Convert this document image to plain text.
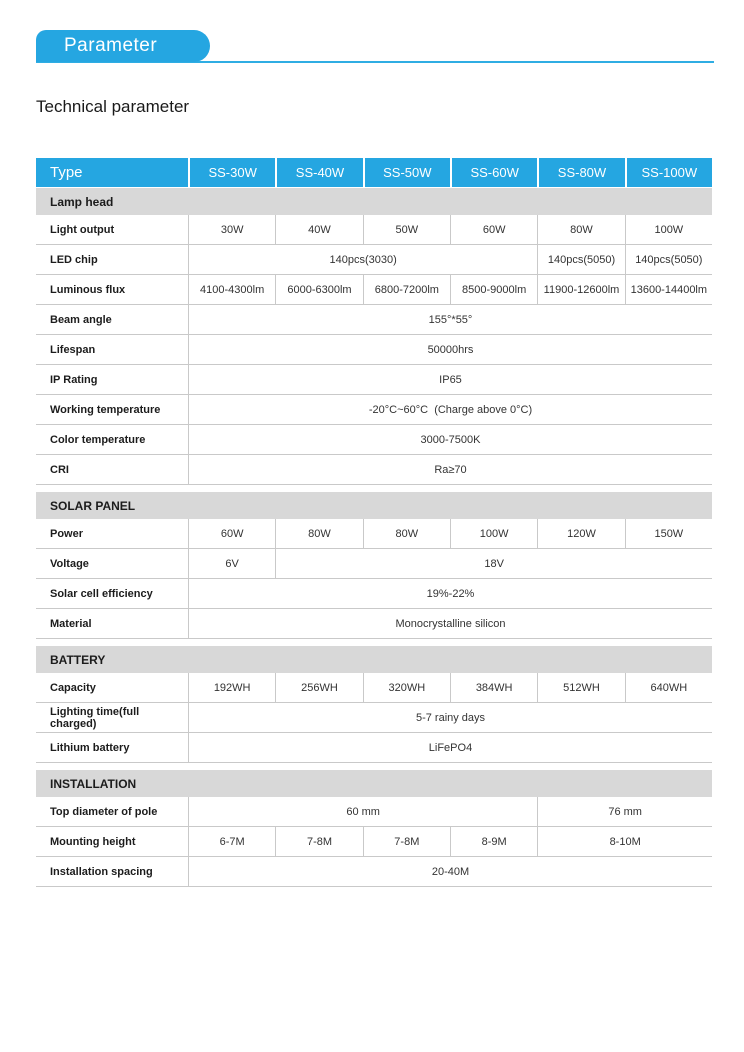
Parameter
Technical parameter
Type	SS-30W	SS-40W	SS-50W	SS-60W	SS-80W	SS-100W
Lamp head
Light output	30W	40W	50W	60W	80W	100W
LED chip	140pcs(3030)	140pcs(5050)	140pcs(5050)
Luminous flux	4100-4300lm	6000-6300lm	6800-7200lm	8500-9000lm	11900-12600lm	13600-14400lm
Beam angle	155°*55°
Lifespan	50000hrs
IP Rating	IP65
Working temperature	-20°C~60°C  (Charge above 0°C)
Color temperature	3000-7500K
CRI	Ra≥70
SOLAR PANEL
Power	60W	80W	80W	100W	120W	150W
Voltage	6V	18V
Solar cell efficiency	19%-22%
Material	Monocrystalline silicon
BATTERY
Capacity	192WH	256WH	320WH	384WH	512WH	640WH
Lighting time(full charged)	5-7 rainy days
Lithium battery	LiFePO4
INSTALLATION
Top diameter of pole	60 mm	76 mm
Mounting height	6-7M	7-8M	7-8M	8-9M	8-10M
Installation spacing	20-40M
